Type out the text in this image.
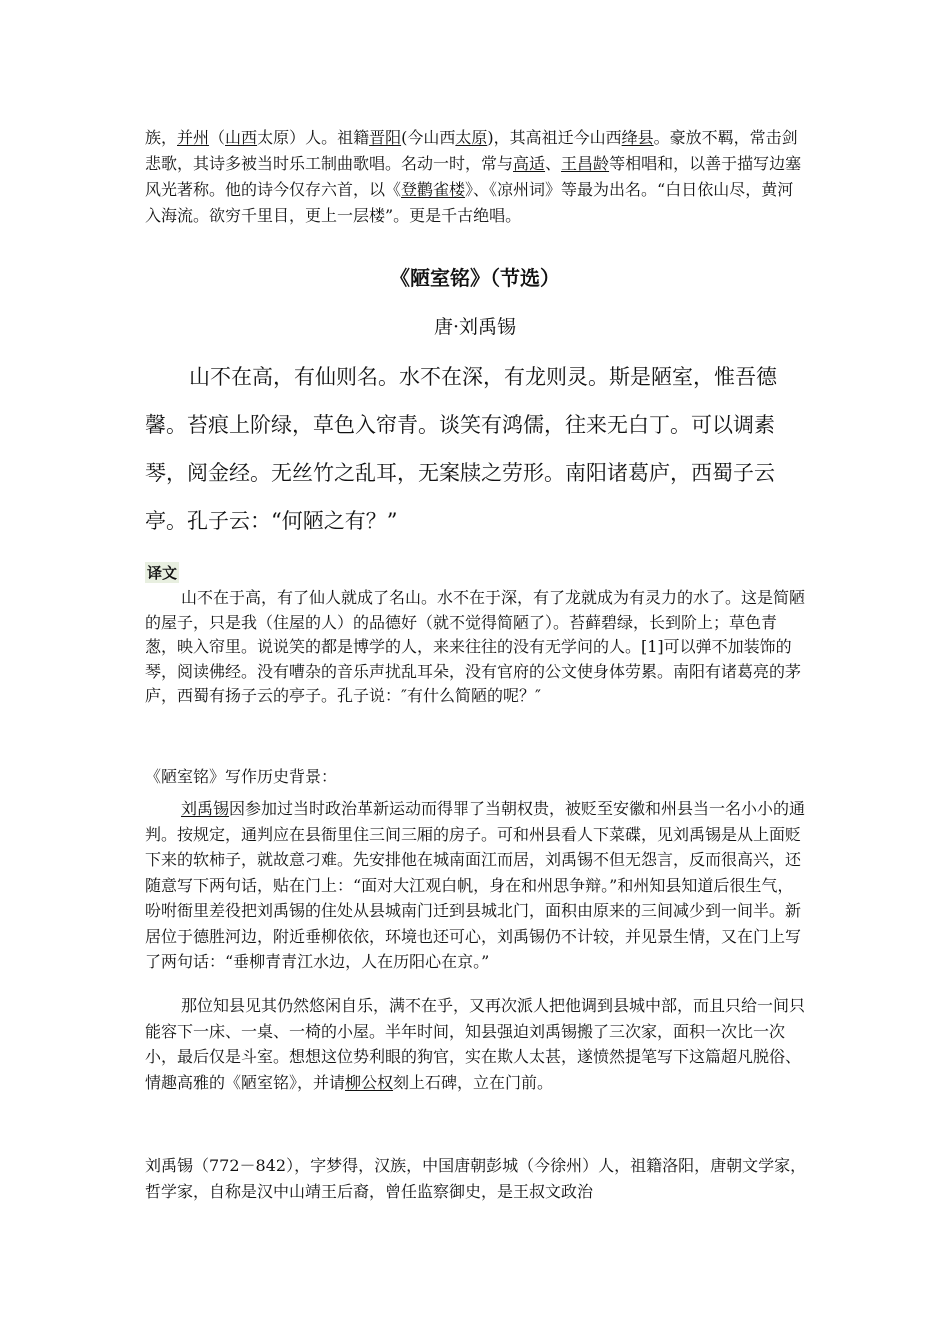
族，并州（山西太原）人。祖籍晋阳(今山西太原)，其高祖迁今山西绛县。豪放不羁，常击剑悲歌，其诗多被当时乐工制曲歌唱。名动一时，常与高适、王昌龄等相唱和，以善于描写边塞风光著称。他的诗今仅存六首，以《登鹳雀楼》、《凉州词》等最为出名。“白日依山尽，黄河入海流。欲穷千里目，更上一层楼”。更是千古绝唱。

《陋室铭》（节选）
唐·刘禹锡

山不在高，有仙则名。水不在深，有龙则灵。斯是陋室，惟吾德馨。苔痕上阶绿，草色入帘青。谈笑有鸿儒，往来无白丁。可以调素琴，阅金经。无丝竹之乱耳，无案牍之劳形。南阳诸葛庐，西蜀子云亭。孔子云：“何陋之有？”

译文

山不在于高，有了仙人就成了名山。水不在于深，有了龙就成为有灵力的水了。这是简陋的屋子，只是我（住屋的人）的品德好（就不觉得简陋了）。苔藓碧绿，长到阶上；草色青葱，映入帘里。说说笑的都是博学的人，来来往往的没有无学问的人。[1]可以弹不加装饰的琴，阅读佛经。没有嘈杂的音乐声扰乱耳朵，没有官府的公文使身体劳累。南阳有诸葛亮的茅庐，西蜀有扬子云的亭子。孔子说：″有什么简陋的呢？″

《陋室铭》写作历史背景：

刘禹锡因参加过当时政治革新运动而得罪了当朝权贵，被贬至安徽和州县当一名小小的通判。按规定，通判应在县衙里住三间三厢的房子。可和州县看人下菜碟，见刘禹锡是从上面贬下来的软柿子，就故意刁难。先安排他在城南面江而居，刘禹锡不但无怨言，反而很高兴，还随意写下两句话，贴在门上：“面对大江观白帆，身在和州思争辩。”和州知县知道后很生气，吩咐衙里差役把刘禹锡的住处从县城南门迁到县城北门，面积由原来的三间减少到一间半。新居位于德胜河边，附近垂柳依依，环境也还可心，刘禹锡仍不计较，并见景生情，又在门上写了两句话：“垂柳青青江水边，人在历阳心在京。”

那位知县见其仍然悠闲自乐，满不在乎，又再次派人把他调到县城中部，而且只给一间只能容下一床、一桌、一椅的小屋。半年时间，知县强迫刘禹锡搬了三次家，面积一次比一次小，最后仅是斗室。想想这位势利眼的狗官，实在欺人太甚，遂愤然提笔写下这篇超凡脱俗、情趣高雅的《陋室铭》，并请柳公权刻上石碑，立在门前。

刘禹锡（772－842），字梦得，汉族，中国唐朝彭城（今徐州）人，祖籍洛阳，唐朝文学家，哲学家，自称是汉中山靖王后裔，曾任监察御史，是王叔文政治
